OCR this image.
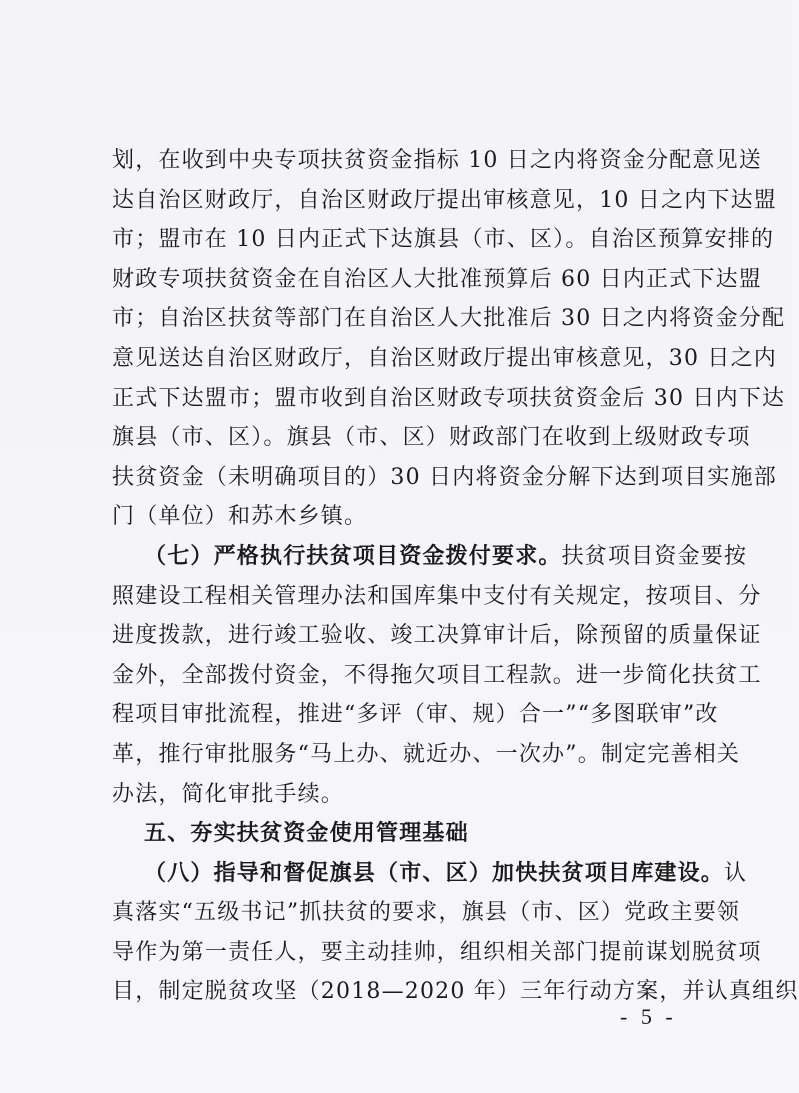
划，在收到中央专项扶贫资金指标 10 日之内将资金分配意见送
达自治区财政厅，自治区财政厅提出审核意见，10 日之内下达盟
市；盟市在 10 日内正式下达旗县（市、区）。自治区预算安排的
财政专项扶贫资金在自治区人大批准预算后 60 日内正式下达盟
市；自治区扶贫等部门在自治区人大批准后 30 日之内将资金分配
意见送达自治区财政厅，自治区财政厅提出审核意见，30 日之内
正式下达盟市；盟市收到自治区财政专项扶贫资金后 30 日内下达
旗县（市、区）。旗县（市、区）财政部门在收到上级财政专项
扶贫资金（未明确项目的）30 日内将资金分解下达到项目实施部
门（单位）和苏木乡镇。
（七）严格执行扶贫项目资金拨付要求。扶贫项目资金要按
照建设工程相关管理办法和国库集中支付有关规定，按项目、分
进度拨款，进行竣工验收、竣工决算审计后，除预留的质量保证
金外，全部拨付资金，不得拖欠项目工程款。进一步简化扶贫工
程项目审批流程，推进“多评（审、规）合一”“多图联审”改
革，推行审批服务“马上办、就近办、一次办”。制定完善相关
办法，简化审批手续。
五、夯实扶贫资金使用管理基础
（八）指导和督促旗县（市、区）加快扶贫项目库建设。认
真落实“五级书记”抓扶贫的要求，旗县（市、区）党政主要领
导作为第一责任人，要主动挂帅，组织相关部门提前谋划脱贫项
目，制定脱贫攻坚（2018—2020 年）三年行动方案，并认真组织
- 5 -
